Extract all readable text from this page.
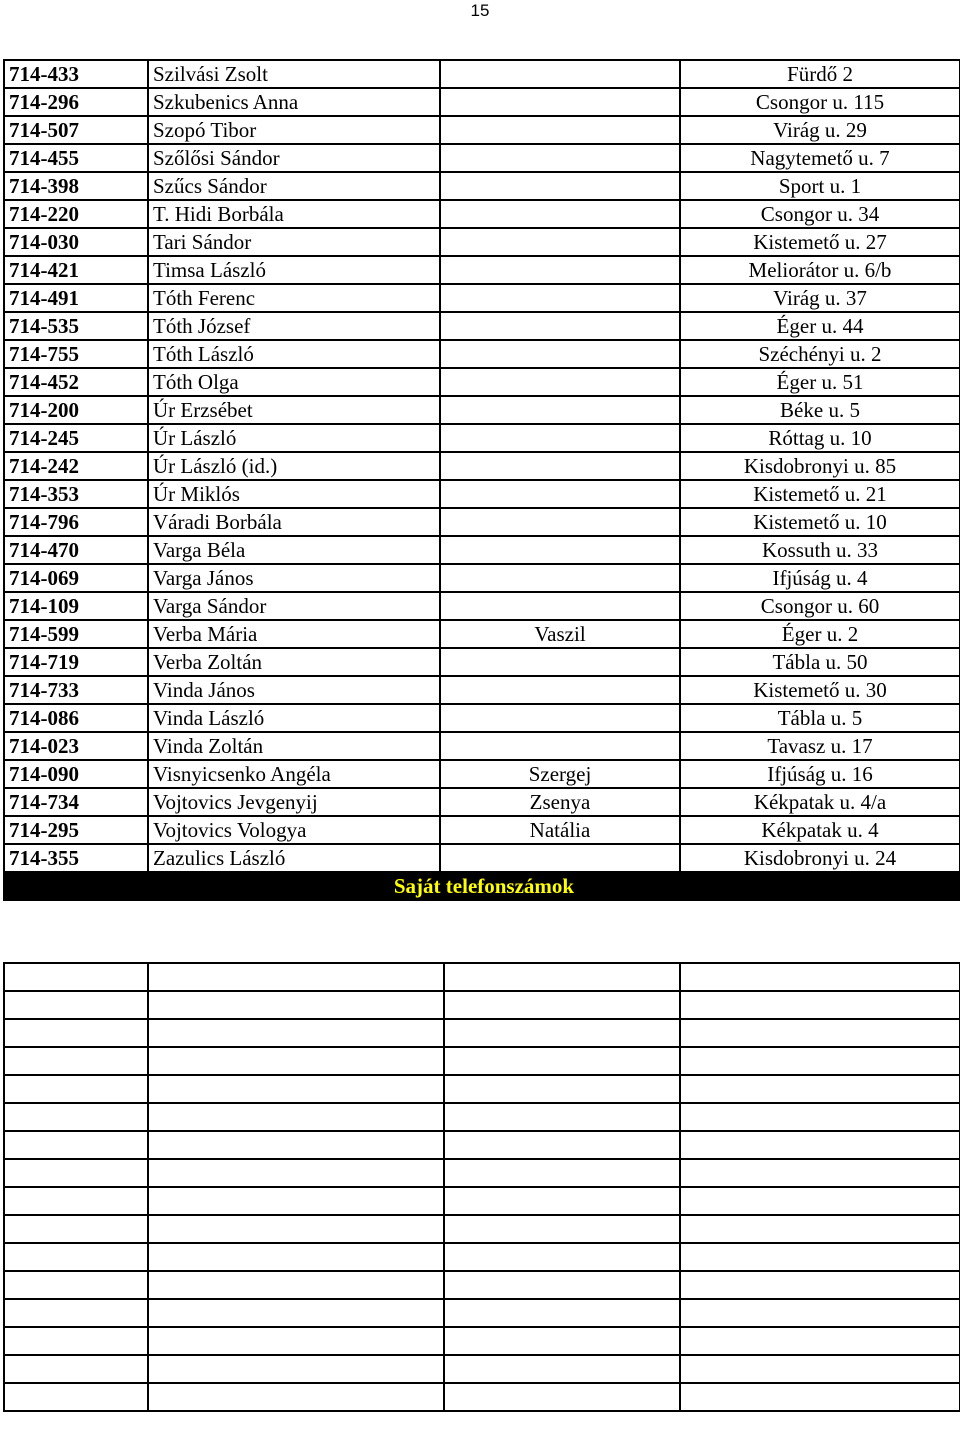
15
714-433	Szilvási Zsolt		Fürdő 2
714-296	Szkubenics Anna		Csongor u. 115
714-507	Szopó Tibor		Virág u. 29
714-455	Szőlősi Sándor		Nagytemető u. 7
714-398	Szűcs Sándor		Sport u. 1
714-220	T. Hidi Borbála		Csongor u. 34
714-030	Tari Sándor		Kistemető u. 27
714-421	Timsa László		Meliorátor u. 6/b
714-491	Tóth Ferenc		Virág u. 37
714-535	Tóth József		Éger u. 44
714-755	Tóth László		Széchényi u. 2
714-452	Tóth Olga		Éger u. 51
714-200	Úr Erzsébet		Béke u. 5
714-245	Úr László		Róttag u. 10
714-242	Úr László (id.)		Kisdobronyi u. 85
714-353	Úr Miklós		Kistemető u. 21
714-796	Váradi Borbála		Kistemető u. 10
714-470	Varga Béla		Kossuth u. 33
714-069	Varga János		Ifjúság u. 4
714-109	Varga Sándor		Csongor u. 60
714-599	Verba Mária	Vaszil	Éger u. 2
714-719	Verba Zoltán		Tábla u. 50
714-733	Vinda János		Kistemető u. 30
714-086	Vinda László		Tábla u. 5
714-023	Vinda Zoltán		Tavasz u. 17
714-090	Visnyicsenko Angéla	Szergej	Ifjúság u. 16
714-734	Vojtovics Jevgenyij	Zsenya	Kékpatak u. 4/a
714-295	Vojtovics Vologya	Natália	Kékpatak u. 4
714-355	Zazulics László		Kisdobronyi u. 24
Saját telefonszámok			
